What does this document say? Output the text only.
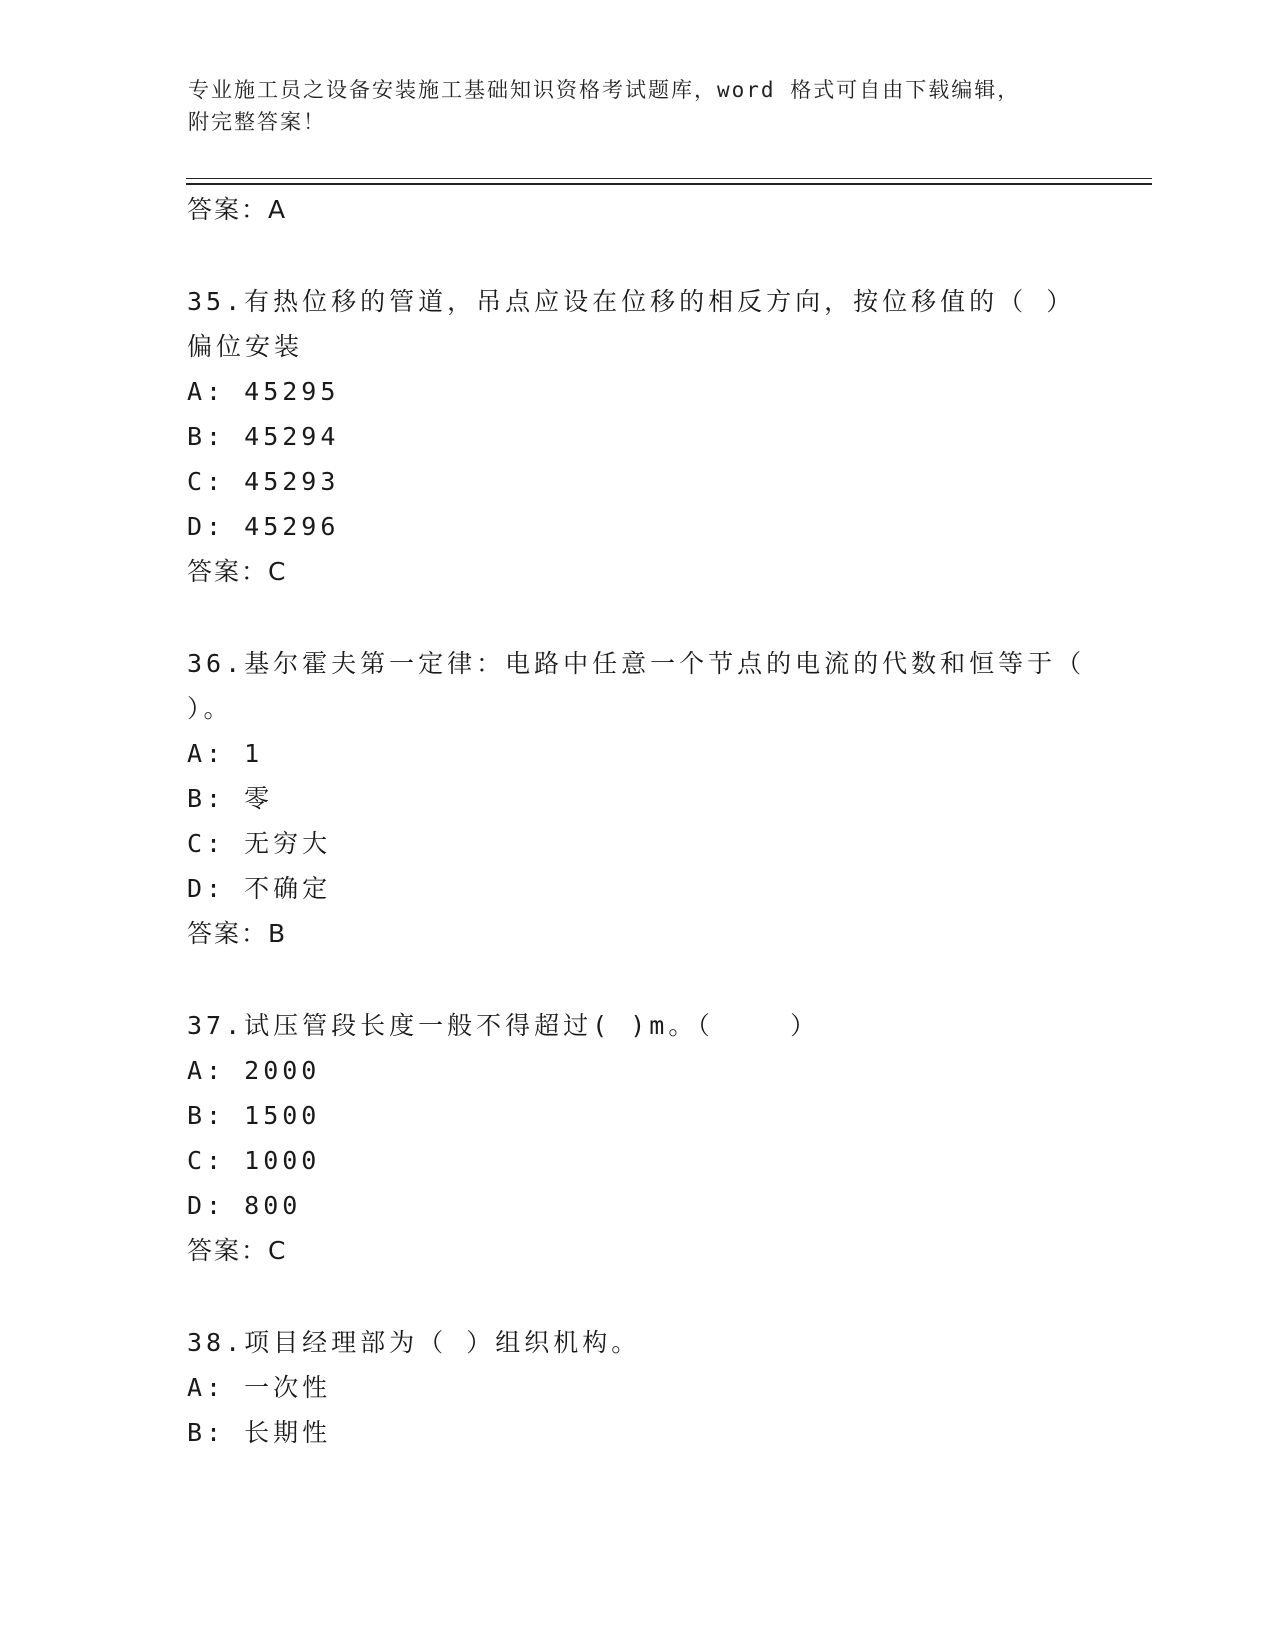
专业施工员之设备安装施工基础知识资格考试题库，word 格式可自由下载编辑，
附完整答案！
答案：A
35.有热位移的管道，吊点应设在位移的相反方向，按位移值的（ ）
偏位安装
A: 45295
B: 45294
C: 45293
D: 45296
答案：C
36.基尔霍夫第一定律：电路中任意一个节点的电流的代数和恒等于（
）。
A: 1
B: 零
C: 无穷大
D: 不确定
答案：B
37.试压管段长度一般不得超过( )m。（    ）
A: 2000
B: 1500
C: 1000
D: 800
答案：C
38.项目经理部为（ ）组织机构。
A: 一次性
B: 长期性
